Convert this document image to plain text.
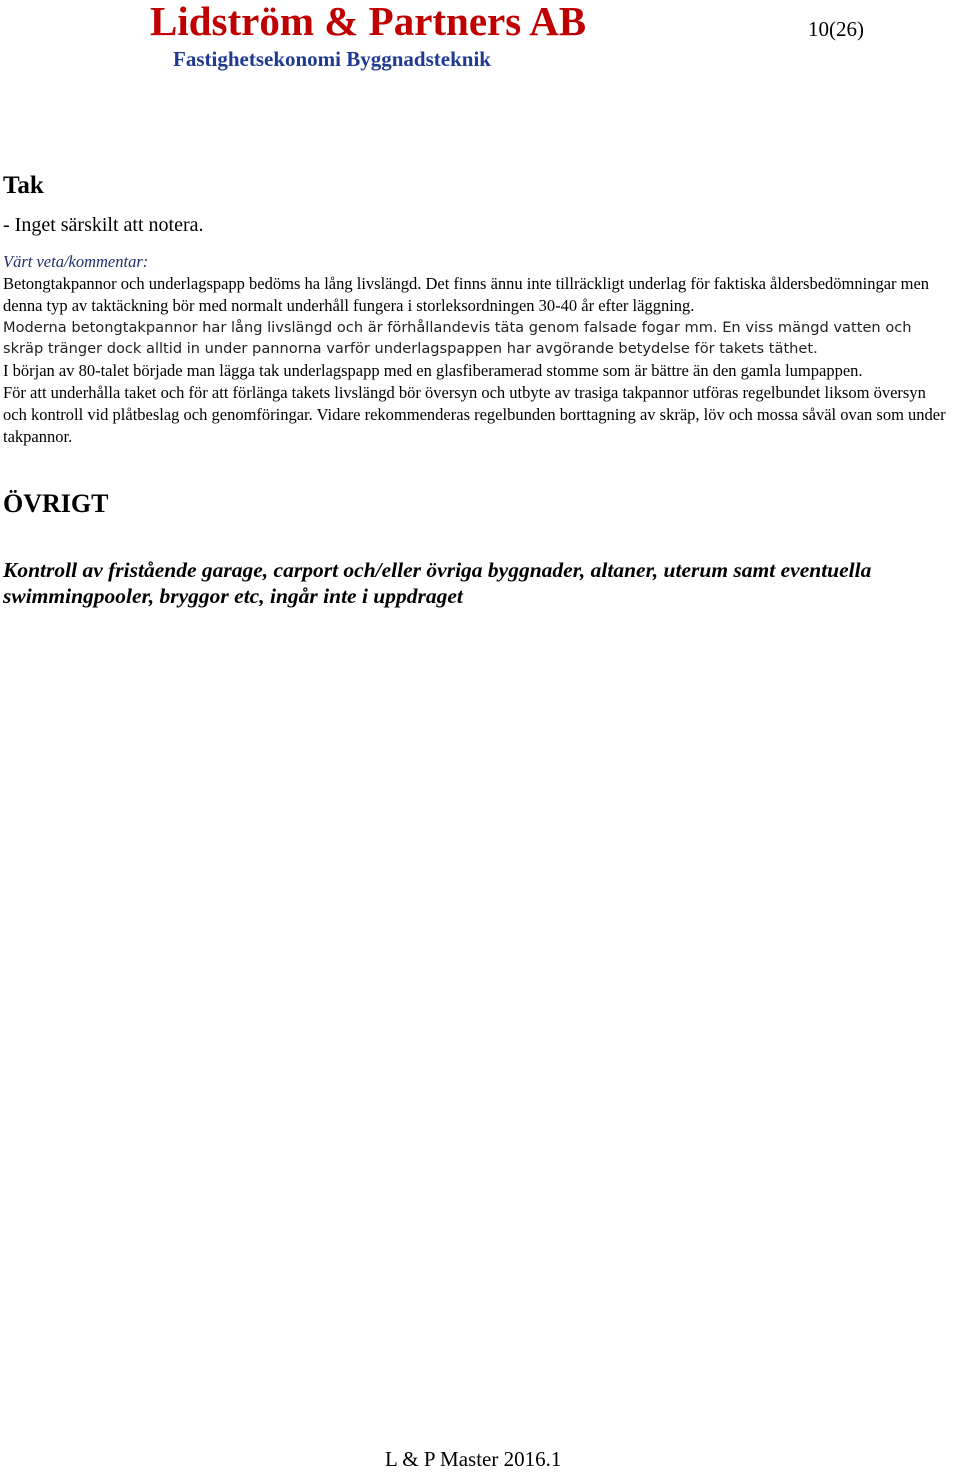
Lidström & Partners AB
Fastighetsekonomi Byggnadsteknik
10(26)
Tak

- Inget särskilt att notera.

Värt veta/kommentar:

Betongtakpannor och underlagspapp bedöms ha lång livslängd. Det finns ännu inte tillräckligt underlag för faktiska åldersbedömningar men denna typ av taktäckning bör med normalt underhåll fungera i storleksordningen 30-40 år efter läggning.

Moderna betongtakpannor har lång livslängd och är förhållandevis täta genom falsade fogar mm. En viss mängd vatten och skräp tränger dock alltid in under pannorna varför underlagspappen har avgörande betydelse för takets täthet.

I början av 80-talet började man lägga tak underlagspapp med en glasfiberamerad stomme som är bättre än den gamla lumpappen.

För att underhålla taket och för att förlänga takets livslängd bör översyn och utbyte av trasiga takpannor utföras regelbundet liksom översyn och kontroll vid plåtbeslag och genomföringar. Vidare rekommenderas regelbunden borttagning av skräp, löv och mossa såväl ovan som under takpannor.

ÖVRIGT

Kontroll av fristående garage, carport och/eller övriga byggnader, altaner, uterum samt eventuella swimmingpooler, bryggor etc, ingår inte i uppdraget

L & P Master 2016.1
